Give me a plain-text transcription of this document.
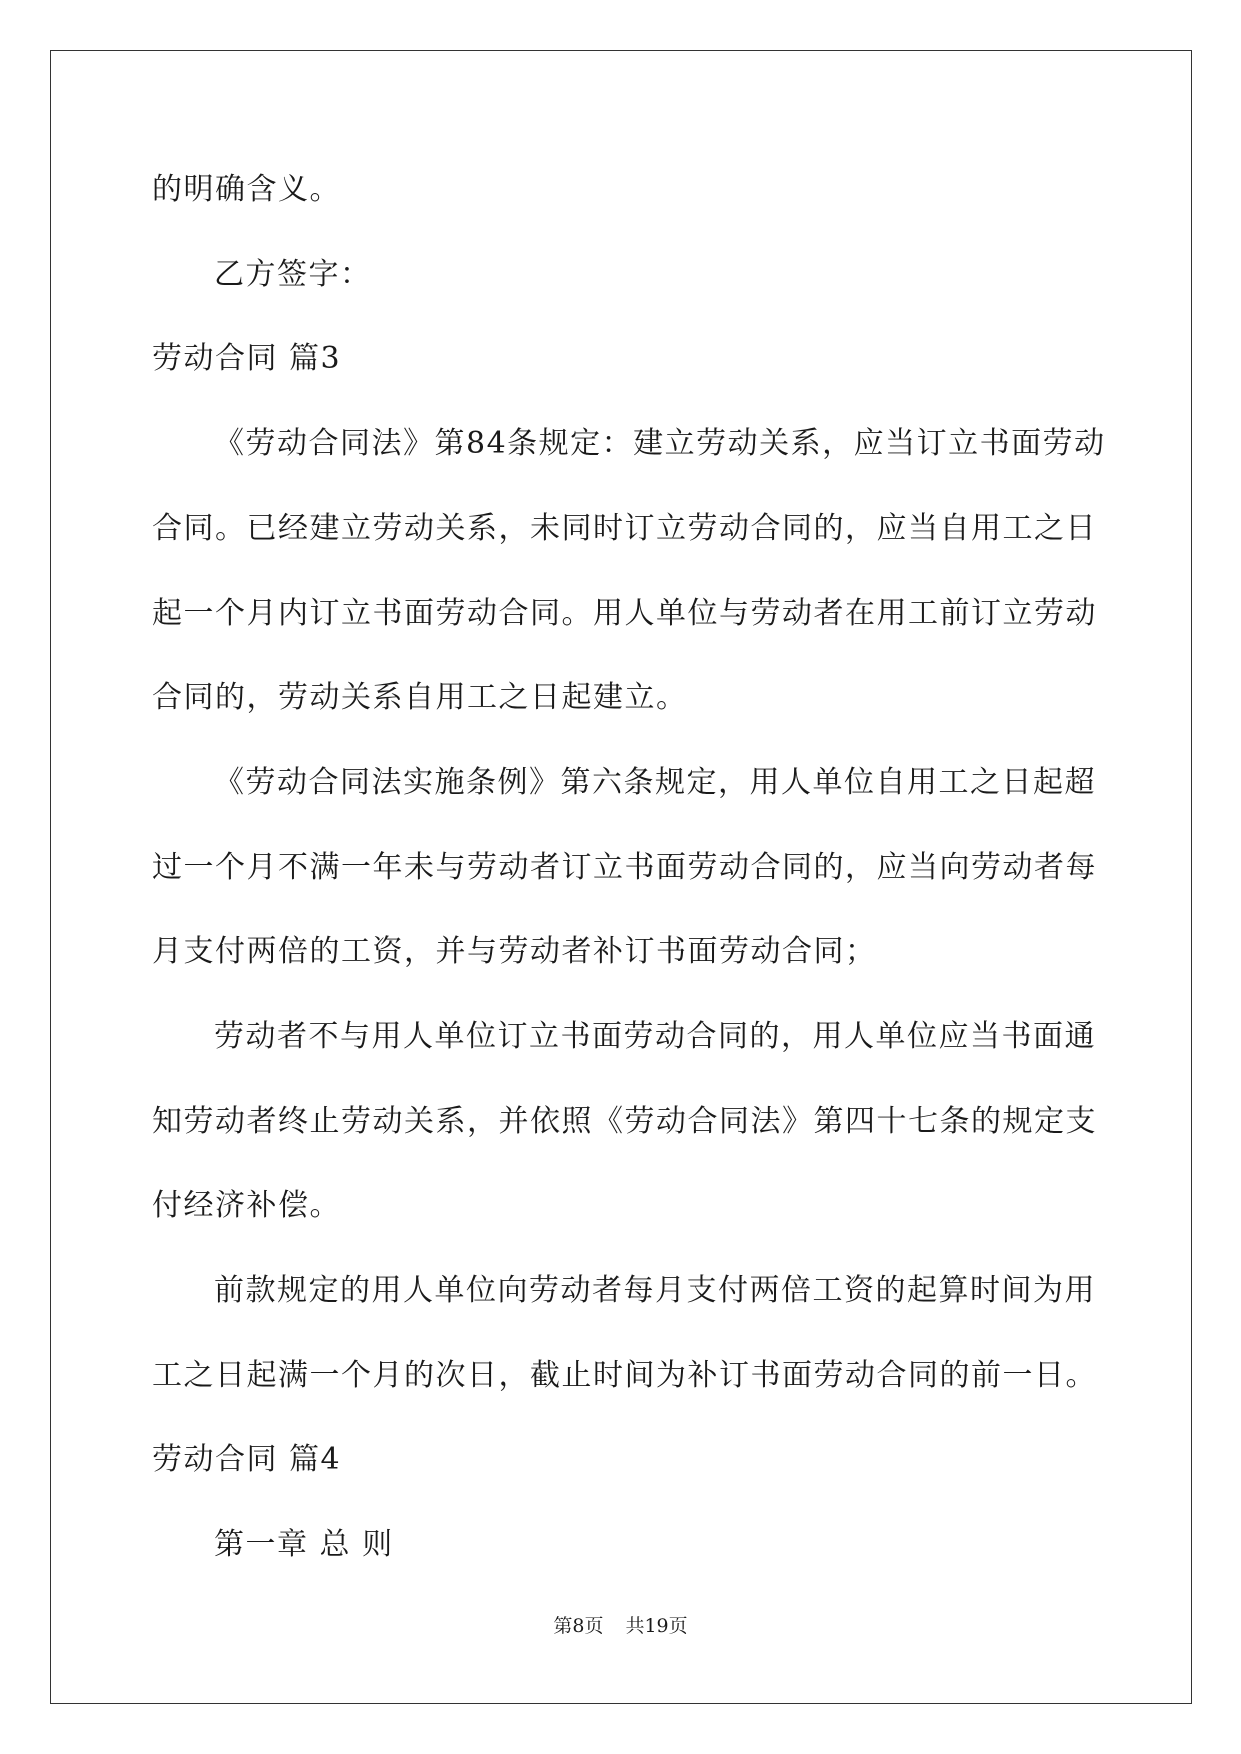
的明确含义。
乙方签字：
劳动合同 篇3
《劳动合同法》第84条规定：建立劳动关系，应当订立书面劳动
合同。已经建立劳动关系，未同时订立劳动合同的，应当自用工之日
起一个月内订立书面劳动合同。用人单位与劳动者在用工前订立劳动
合同的，劳动关系自用工之日起建立。
《劳动合同法实施条例》第六条规定，用人单位自用工之日起超
过一个月不满一年未与劳动者订立书面劳动合同的，应当向劳动者每
月支付两倍的工资，并与劳动者补订书面劳动合同；
劳动者不与用人单位订立书面劳动合同的，用人单位应当书面通
知劳动者终止劳动关系，并依照《劳动合同法》第四十七条的规定支
付经济补偿。
前款规定的用人单位向劳动者每月支付两倍工资的起算时间为用
工之日起满一个月的次日，截止时间为补订书面劳动合同的前一日。
劳动合同 篇4
第一章 总 则
第8页 共19页
